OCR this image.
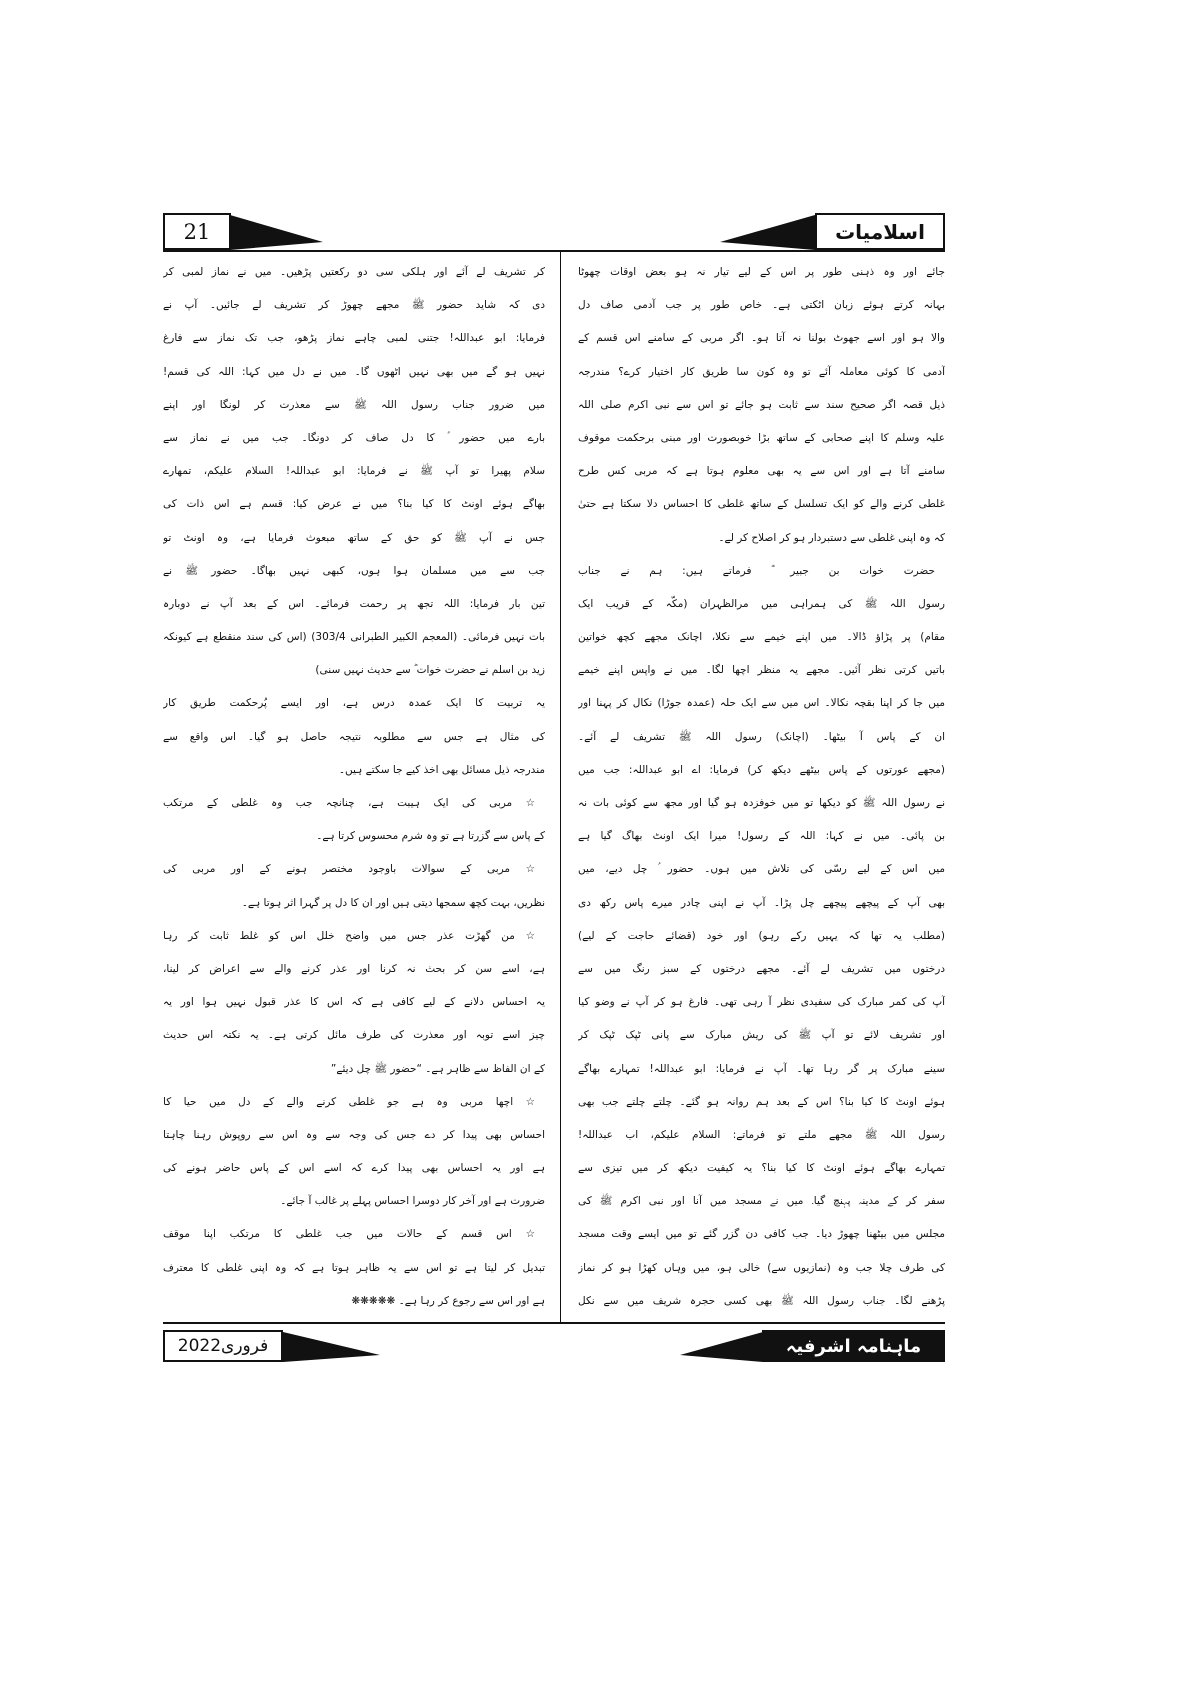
21	اسلامیات
جائے اور وہ ذہنی طور پر اس کے لیے تیار نہ ہو بعض اوقات چھوٹا
بہانہ کرتے ہوئے زبان اٹکتی ہے۔ خاص طور پر جب آدمی صاف دل
والا ہو اور اسے جھوٹ بولنا نہ آتا ہو۔ اگر مربی کے سامنے اس قسم کے
آدمی کا کوئی معاملہ آئے تو وہ کون سا طریق کار اختیار کرے؟ مندرجہ
ذیل قصہ اگر صحیح سند سے ثابت ہو جائے تو اس سے نبی اکرم صلی اللہ
علیہ وسلم کا اپنے صحابی کے ساتھ بڑا خوبصورت اور مبنی برحکمت موقوف
سامنے آتا ہے اور اس سے یہ بھی معلوم ہوتا ہے کہ مربی کس طرح
غلطی کرنے والے کو ایک تسلسل کے ساتھ غلطی کا احساس دلا سکتا ہے حتیٰ
کہ وہ اپنی غلطی سے دستبردار ہو کر اصلاح کر لے۔
حضرت خوات بن جبیر ؓ فرماتے ہیں: ہم نے جناب
رسول اللہ ﷺ کی ہمراہی میں مرالظہران (مکّہ کے قریب ایک
مقام) پر پڑاؤ ڈالا۔ میں اپنے خیمے سے نکلا، اچانک مجھے کچھ خواتین
باتیں کرتی نظر آئیں۔ مجھے یہ منظر اچھا لگا۔ میں نے واپس اپنے خیمے
میں جا کر اپنا بقچہ نکالا۔ اس میں سے ایک حلہ (عمدہ جوڑا) نکال کر پہنا اور
ان کے پاس آ بیٹھا۔ (اچانک) رسول اللہ ﷺ تشریف لے آئے۔
(مجھے عورتوں کے پاس بیٹھے دیکھ کر) فرمایا: اے ابو عبداللہ: جب میں
نے رسول اللہ ﷺ کو دیکھا تو میں خوفزدہ ہو گیا اور مجھ سے کوئی بات نہ
بن پائی۔ میں نے کہا: اللہ کے رسول! میرا ایک اونٹ بھاگ گیا ہے
میں اس کے لیے رسّی کی تلاش میں ہوں۔ حضور ؑ چل دیے، میں
بھی آپ کے پیچھے پیچھے چل پڑا۔ آپ نے اپنی چادر میرے پاس رکھ دی
(مطلب یہ تھا کہ یہیں رکے رہو) اور خود (قضائے حاجت کے لیے)
درختوں میں تشریف لے آئے۔ مجھے درختوں کے سبز رنگ میں سے
آپ کی کمر مبارک کی سفیدی نظر آ رہی تھی۔ فارغ ہو کر آپ نے وضو کیا
اور تشریف لائے تو آپ ﷺ کی ریش مبارک سے پانی ٹپک ٹپک کر
سینے مبارک پر گر رہا تھا۔ آپ نے فرمایا: ابو عبداللہ! تمہارے بھاگے
ہوئے اونٹ کا کیا بنا؟ اس کے بعد ہم روانہ ہو گئے۔ چلتے چلتے جب بھی
رسول اللہ ﷺ مجھے ملتے تو فرماتے: السلام علیکم، اب عبداللہ!
تمہارے بھاگے ہوئے اونٹ کا کیا بنا؟ یہ کیفیت دیکھ کر میں تیزی سے
سفر کر کے مدینہ پہنچ گیا۔ میں نے مسجد میں آنا اور نبی اکرم ﷺ کی
مجلس میں بیٹھنا چھوڑ دیا۔ جب کافی دن گزر گئے تو میں ایسے وقت مسجد
کی طرف چلا جب وہ (نمازیوں سے) خالی ہو، میں وہاں کھڑا ہو کر نماز
پڑھنے لگا۔ جناب رسول اللہ ﷺ بھی کسی حجرہ شریف میں سے نکل
کر تشریف لے آئے اور ہلکی سی دو رکعتیں پڑھیں۔ میں نے نماز لمبی کر
دی کہ شاید حضور ﷺ مجھے چھوڑ کر تشریف لے جائیں۔ آپ نے
فرمایا: ابو عبداللہ! جتنی لمبی چاہے نماز پڑھو، جب تک نماز سے فارغ
نہیں ہو گے میں بھی نہیں اٹھوں گا۔ میں نے دل میں کہا: اللہ کی قسم!
میں ضرور جناب رسول اللہ ﷺ سے معذرت کر لونگا اور اپنے
بارے میں حضور ؑ کا دل صاف کر دونگا۔ جب میں نے نماز سے
سلام پھیرا تو آپ ﷺ نے فرمایا: ابو عبداللہ! السلام علیکم، تمھارے
بھاگے ہوئے اونٹ کا کیا بنا؟ میں نے عرض کیا: قسم ہے اس ذات کی
جس نے آپ ﷺ کو حق کے ساتھ مبعوث فرمایا ہے، وہ اونٹ تو
جب سے میں مسلمان ہوا ہوں، کبھی نہیں بھاگا۔ حضور ﷺ نے
تین بار فرمایا: اللہ تجھ پر رحمت فرمائے۔ اس کے بعد آپ نے دوبارہ
بات نہیں فرمائی۔ (المعجم الکبیر الطبرانی 303/4) (اس کی سند منقطع ہے کیونکہ
زید بن اسلم نے حضرت خوات ؓ سے حدیث نہیں سنی)
یہ تربیت کا ایک عمدہ درس ہے، اور ایسے پُرحکمت طریق کار
کی مثال ہے جس سے مطلوبہ نتیجہ حاصل ہو گیا۔ اس واقع سے
مندرجہ ذیل مسائل بھی اخذ کیے جا سکتے ہیں۔
☆ مربی کی ایک ہیبت ہے، چنانچہ جب وہ غلطی کے مرتکب
کے پاس سے گزرتا ہے تو وہ شرم محسوس کرتا ہے۔
☆ مربی کے سوالات باوجود مختصر ہونے کے اور مربی کی
نظریں، بہت کچھ سمجھا دیتی ہیں اور ان کا دل پر گہرا اثر ہوتا ہے۔
☆ من گھڑت عذر جس میں واضح خلل اس کو غلط ثابت کر رہا
ہے، اسے سن کر بحث نہ کرنا اور عذر کرنے والے سے اعراض کر لینا،
یہ احساس دلانے کے لیے کافی ہے کہ اس کا عذر قبول نہیں ہوا اور یہ
چیز اسے توبہ اور معذرت کی طرف مائل کرتی ہے۔ یہ نکتہ اس حدیث
کے ان الفاظ سے ظاہر ہے۔ “حضور ﷺ چل دیئے”
☆ اچھا مربی وہ ہے جو غلطی کرنے والے کے دل میں حیا کا
احساس بھی پیدا کر دے جس کی وجہ سے وہ اس سے روپوش رہنا چاہتا
ہے اور یہ احساس بھی پیدا کرے کہ اسے اس کے پاس حاضر ہونے کی
ضرورت ہے اور آخر کار دوسرا احساس پہلے پر غالب آ جائے۔
☆ اس قسم کے حالات میں جب غلطی کا مرتکب اپنا موقف
تبدیل کر لیتا ہے تو اس سے یہ ظاہر ہوتا ہے کہ وہ اپنی غلطی کا معترف
ہے اور اس سے رجوع کر رہا ہے۔ ❋❋❋❋❋
فروری2022	ماہنامہ اشرفیہ
